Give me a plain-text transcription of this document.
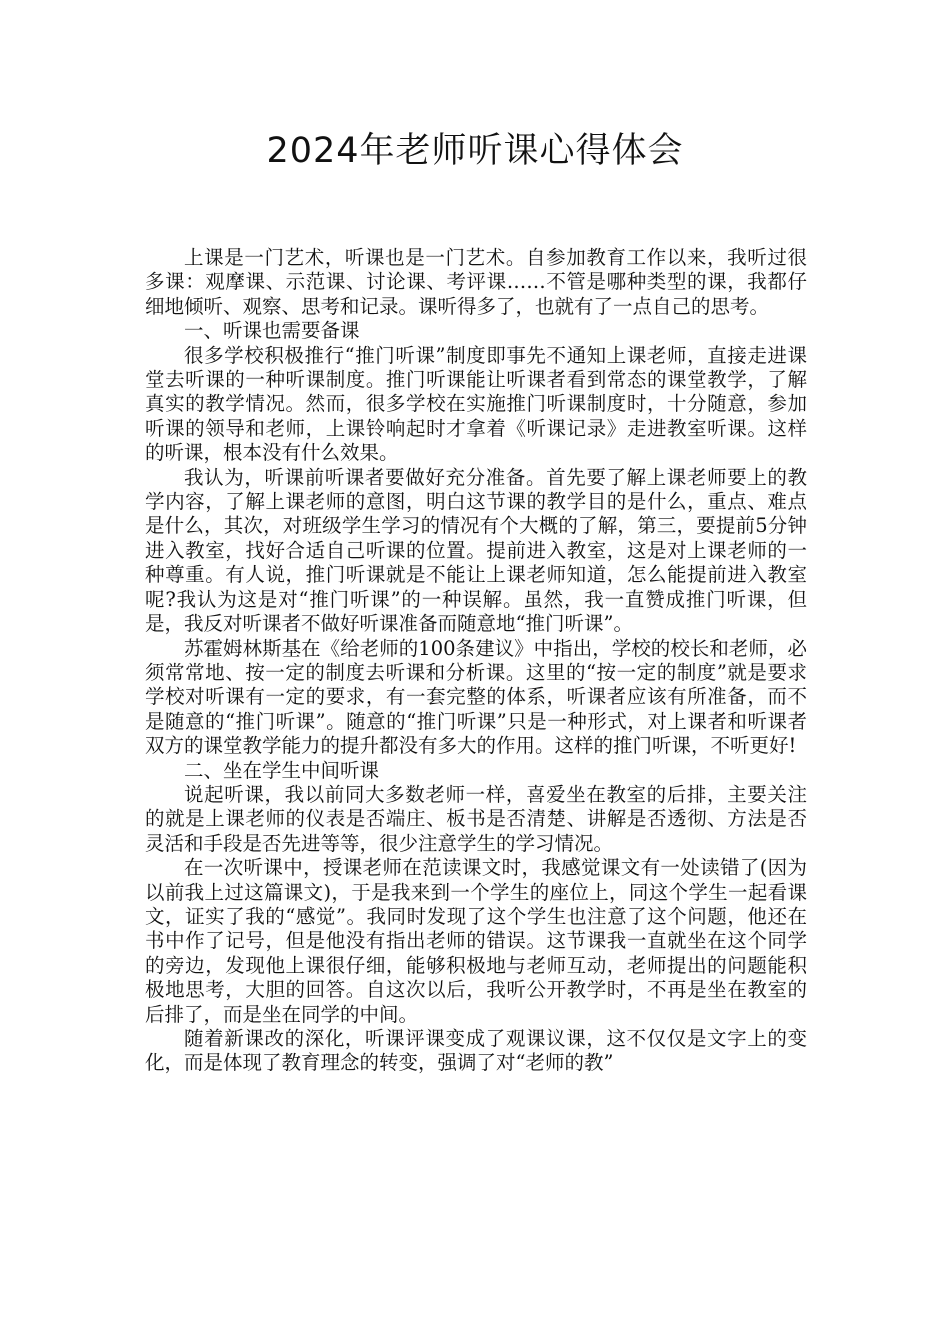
2024年老师听课心得体会

上课是一门艺术，听课也是一门艺术。自参加教育工作以来，我听过很多课：观摩课、示范课、讨论课、考评课……不管是哪种类型的课，我都仔细地倾听、观察、思考和记录。课听得多了，也就有了一点自己的思考。

一、听课也需要备课

很多学校积极推行“推门听课”制度即事先不通知上课老师，直接走进课堂去听课的一种听课制度。推门听课能让听课者看到常态的课堂教学，了解真实的教学情况。然而，很多学校在实施推门听课制度时，十分随意，参加听课的领导和老师，上课铃响起时才拿着《听课记录》走进教室听课。这样的听课，根本没有什么效果。

我认为，听课前听课者要做好充分准备。首先要了解上课老师要上的教学内容，了解上课老师的意图，明白这节课的教学目的是什么，重点、难点是什么，其次，对班级学生学习的情况有个大概的了解，第三，要提前5分钟进入教室，找好合适自己听课的位置。提前进入教室，这是对上课老师的一种尊重。有人说，推门听课就是不能让上课老师知道，怎么能提前进入教室呢?我认为这是对“推门听课”的一种误解。虽然，我一直赞成推门听课，但是，我反对听课者不做好听课准备而随意地“推门听课”。

苏霍姆林斯基在《给老师的100条建议》中指出，学校的校长和老师，必须常常地、按一定的制度去听课和分析课。这里的“按一定的制度”就是要求学校对听课有一定的要求，有一套完整的体系，听课者应该有所准备，而不是随意的“推门听课”。随意的“推门听课”只是一种形式，对上课者和听课者双方的课堂教学能力的提升都没有多大的作用。这样的推门听课，不听更好!

二、坐在学生中间听课

说起听课，我以前同大多数老师一样，喜爱坐在教室的后排，主要关注的就是上课老师的仪表是否端庄、板书是否清楚、讲解是否透彻、方法是否灵活和手段是否先进等等，很少注意学生的学习情况。

在一次听课中，授课老师在范读课文时，我感觉课文有一处读错了(因为以前我上过这篇课文)，于是我来到一个学生的座位上，同这个学生一起看课文，证实了我的“感觉”。我同时发现了这个学生也注意了这个问题，他还在书中作了记号，但是他没有指出老师的错误。这节课我一直就坐在这个同学的旁边，发现他上课很仔细，能够积极地与老师互动，老师提出的问题能积极地思考，大胆的回答。自这次以后，我听公开教学时，不再是坐在教室的后排了，而是坐在同学的中间。

随着新课改的深化，听课评课变成了观课议课，这不仅仅是文字上的变化，而是体现了教育理念的转变，强调了对“老师的教”
